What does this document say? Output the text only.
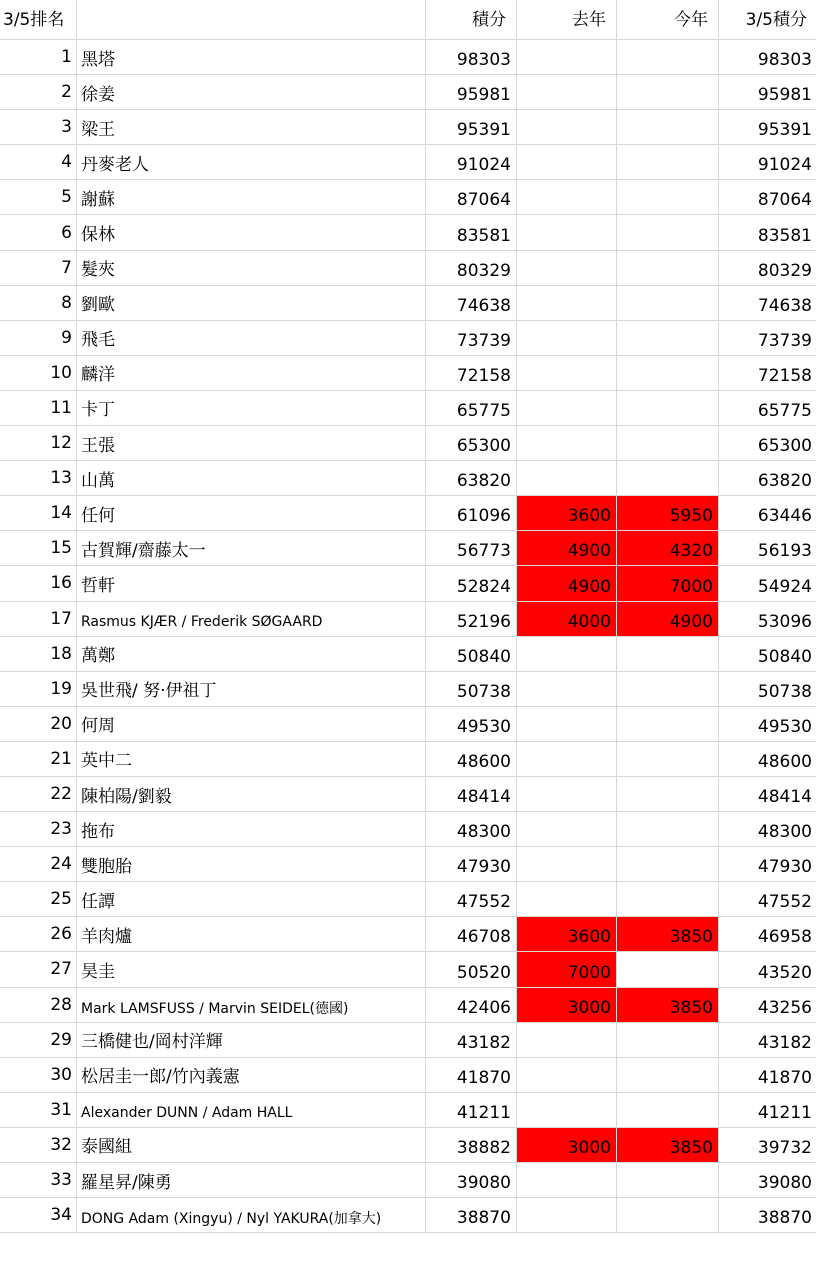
3/5排名		積分	去年	今年	3/5積分
1	黑塔	98303			98303
2	徐姜	95981			95981
3	梁王	95391			95391
4	丹麥老人	91024			91024
5	謝蘇	87064			87064
6	保林	83581			83581
7	髮夾	80329			80329
8	劉歐	74638			74638
9	飛毛	73739			73739
10	麟洋	72158			72158
11	卡丁	65775			65775
12	王張	65300			65300
13	山萬	63820			63820
14	任何	61096	3600	5950	63446
15	古賀輝/齋藤太一	56773	4900	4320	56193
16	哲軒	52824	4900	7000	54924
17	Rasmus KJÆR / Frederik SØGAARD	52196	4000	4900	53096
18	萬鄭	50840			50840
19	吳世飛/ 努·伊祖丁	50738			50738
20	何周	49530			49530
21	英中二	48600			48600
22	陳柏陽/劉毅	48414			48414
23	拖布	48300			48300
24	雙胞胎	47930			47930
25	任譚	47552			47552
26	羊肉爐	46708	3600	3850	46958
27	昊圭	50520	7000		43520
28	Mark LAMSFUSS / Marvin SEIDEL(德國)	42406	3000	3850	43256
29	三橋健也/岡村洋輝	43182			43182
30	松居圭一郎/竹內義憲	41870			41870
31	Alexander DUNN / Adam HALL	41211			41211
32	泰國組	38882	3000	3850	39732
33	羅星昇/陳勇	39080			39080
34	DONG Adam (Xingyu) / Nyl YAKURA(加拿大)	38870			38870
